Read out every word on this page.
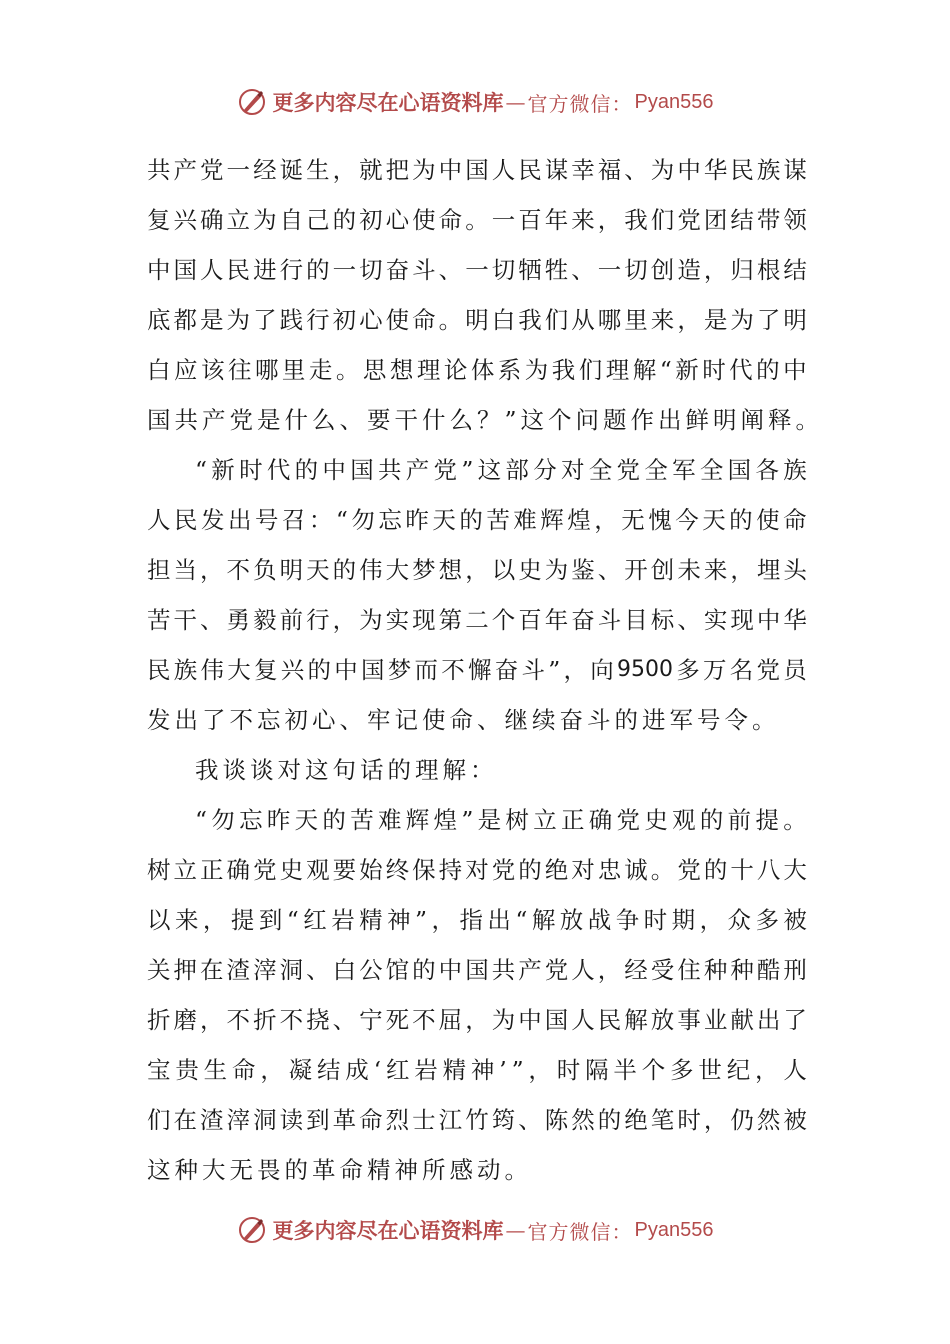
更多内容尽在心语资料库 — 官方微信： Pyan556
共 产 党 一 经 诞 生 ， 就 把 为 中 国 人 民 谋 幸 福 、 为 中 华 民 族 谋
复 兴 确 立 为 自 己 的 初 心 使 命 。 一 百 年 来 ， 我 们 党 团 结 带 领
中 国 人 民 进 行 的 一 切 奋 斗 、 一 切 牺 牲 、 一 切 创 造 ， 归 根 结
底 都 是 为 了 践 行 初 心 使 命 。 明 白 我 们 从 哪 里 来 ， 是 为 了 明
白 应 该 往 哪 里 走 。 思 想 理 论 体 系 为 我 们 理 解 “ 新 时 代 的 中
国共产党是什么、要干什么？”这个问题作出鲜明阐释。
“ 新 时 代 的 中 国 共 产 党 ” 这 部 分 对 全 党 全 军 全 国 各 族
人 民 发 出 号 召 ： “ 勿 忘 昨 天 的 苦 难 辉 煌 ， 无 愧 今 天 的 使 命
担 当 ， 不 负 明 天 的 伟 大 梦 想 ， 以 史 为 鉴 、 开 创 未 来 ， 埋 头
苦 干 、 勇 毅 前 行 ， 为 实 现 第 二 个 百 年 奋 斗 目 标 、 实 现 中 华
民 族 伟 大 复 兴 的 中 国 梦 而 不 懈 奋 斗 ” ， 向 9500 多 万 名 党 员
发出了不忘初心、牢记使命、继续奋斗的进军号令。
我谈谈对这句话的理解：
“ 勿 忘 昨 天 的 苦 难 辉 煌 ” 是 树 立 正 确 党 史 观 的 前 提 。
树 立 正 确 党 史 观 要 始 终 保 持 对 党 的 绝 对 忠 诚 。 党 的 十 八 大
以 来 ， 提 到 “ 红 岩 精 神 ” ， 指 出 “ 解 放 战 争 时 期 ， 众 多 被
关 押 在 渣 滓 洞 、 白 公 馆 的 中 国 共 产 党 人 ， 经 受 住 种 种 酷 刑
折 磨 ， 不 折 不 挠 、 宁 死 不 屈 ， 为 中 国 人 民 解 放 事 业 献 出 了
宝 贵 生 命 ， 凝 结 成 ‘ 红 岩 精 神 ’ ” ， 时 隔 半 个 多 世 纪 ， 人
们 在 渣 滓 洞 读 到 革 命 烈 士 江 竹 筠 、 陈 然 的 绝 笔 时 ， 仍 然 被
这种大无畏的革命精神所感动。
更多内容尽在心语资料库 — 官方微信： Pyan556
